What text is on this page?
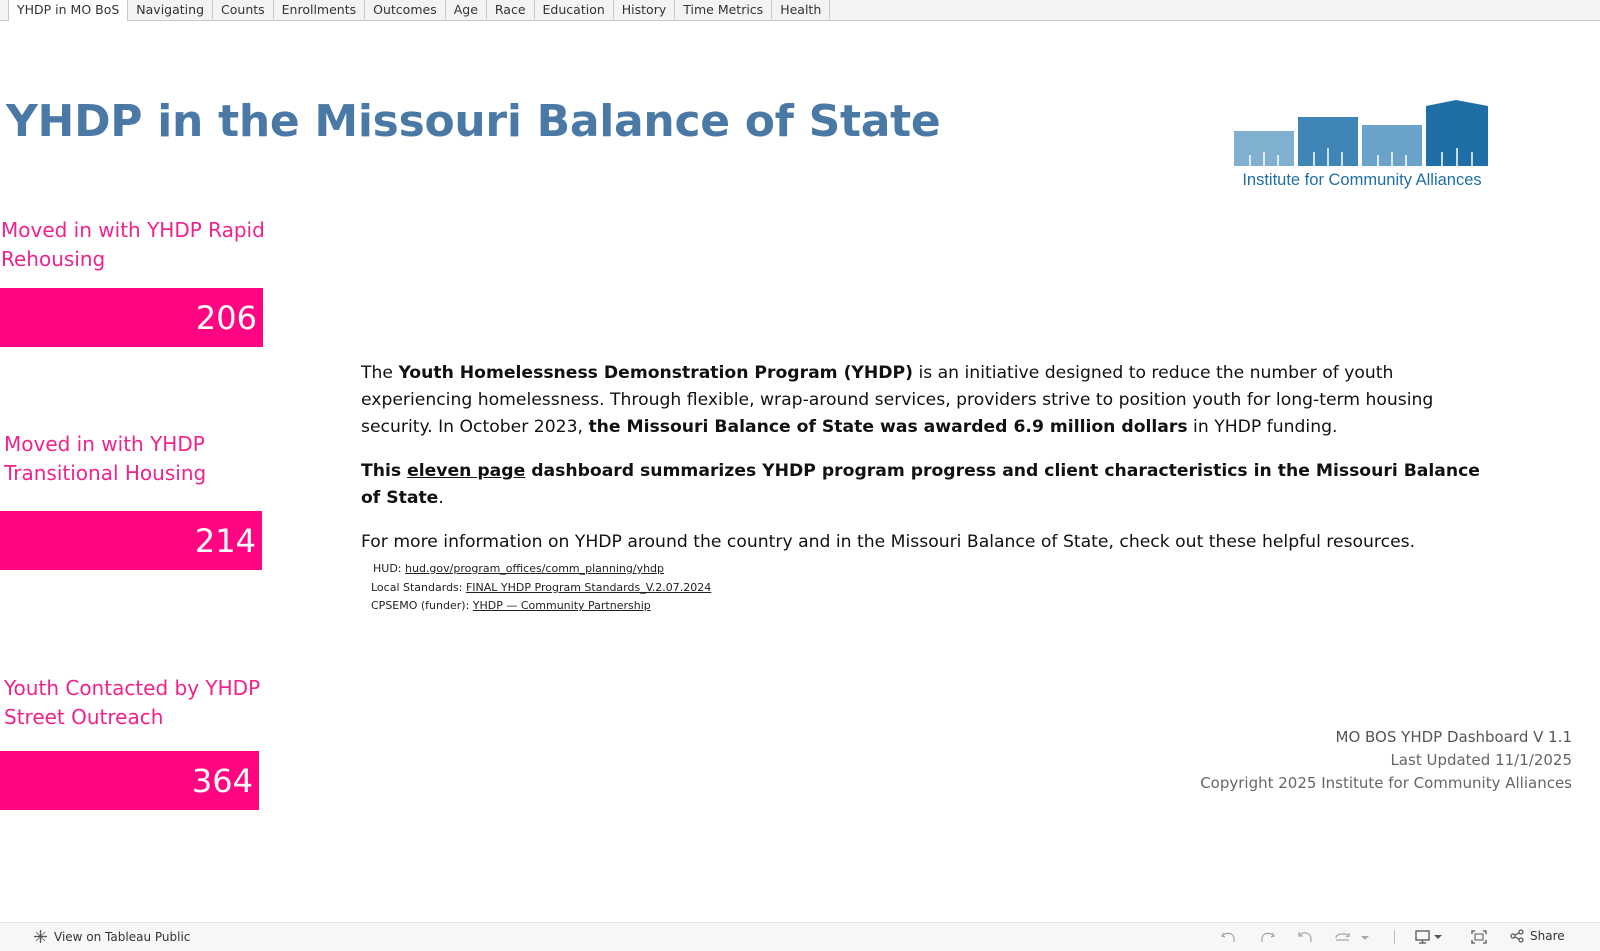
YHDP in MO BoS	Navigating	Counts	Enrollments	Outcomes	Age	Race	Education	History	Time Metrics	Health
YHDP in the Missouri Balance of State
Institute for Community Alliances

Moved in with YHDP Rapid Rehousing

206

Moved in with YHDP Transitional Housing

214

Youth Contacted by YHDP Street Outreach

364

The Youth Homelessness Demonstration Program (YHDP) is an initiative designed to reduce the number of youth experiencing homelessness. Through flexible, wrap-around services, providers strive to position youth for long-term housing security. In October 2023, the Missouri Balance of State was awarded 6.9 million dollars in YHDP funding.

This eleven page dashboard summarizes YHDP program progress and client characteristics in the Missouri Balance of State.

For more information on YHDP around the country and in the Missouri Balance of State, check out these helpful resources.

HUD: hud.gov/program_offices/comm_planning/yhdp
Local Standards: FINAL YHDP Program Standards_V.2.07.2024
CPSEMO (funder): YHDP — Community Partnership
MO BOS YHDP Dashboard V 1.1
Last Updated 11/1/2025
Copyright 2025 Institute for Community Alliances
View on Tableau Public	Share
